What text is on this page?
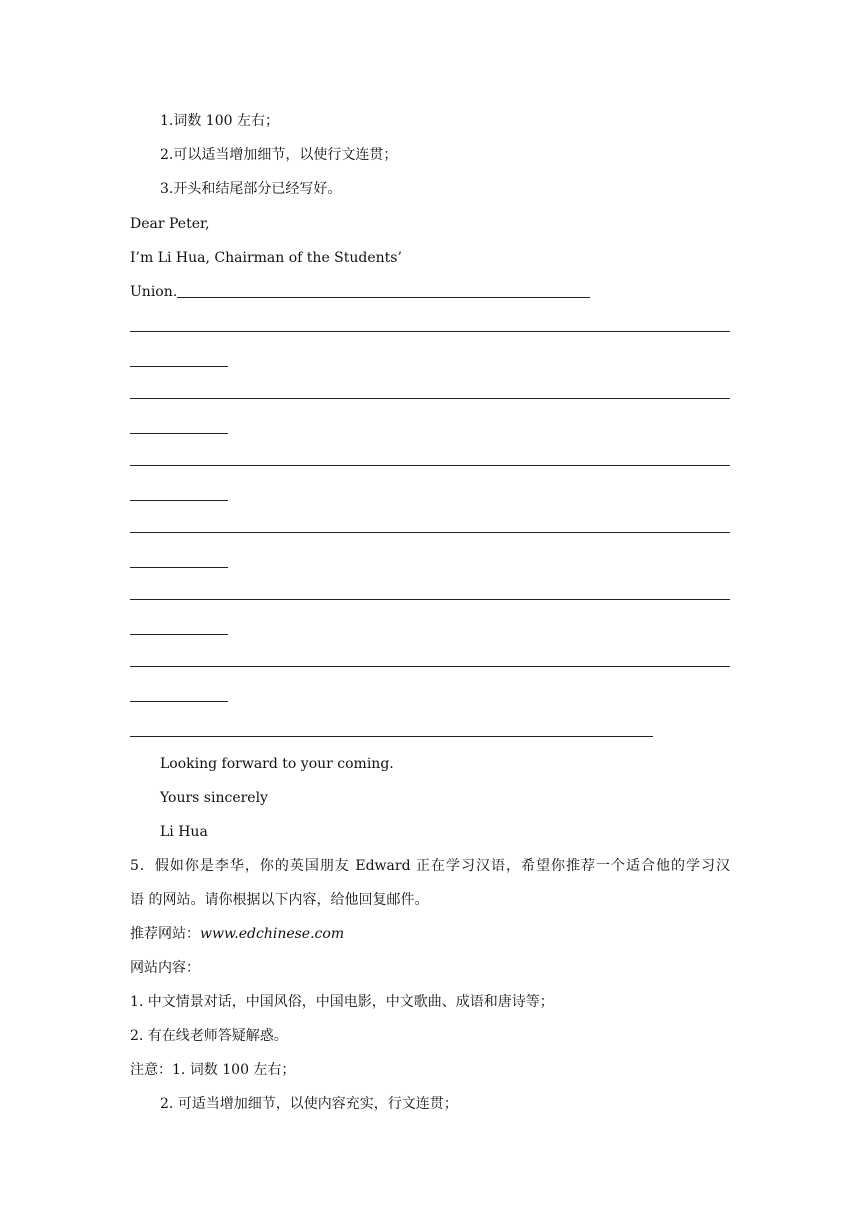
1.词数 100 左右；
2.可以适当增加细节，以使行文连贯；
3.开头和结尾部分已经写好。
Dear Peter,
I’m Li Hua, Chairman of the Students’
Union.
Looking forward to your coming.
Yours sincerely
Li Hua
5．假如你是李华，你的英国朋友 Edward 正在学习汉语，希望你推荐一个适合他的学习汉
语 的网站。请你根据以下内容，给他回复邮件。
推荐网站：www.edchinese.com
网站内容：
1. 中文情景对话，中国风俗，中国电影，中文歌曲、成语和唐诗等；
2. 有在线老师答疑解惑。
注意：1. 词数 100 左右；
2. 可适当增加细节，以使内容充实，行文连贯；
